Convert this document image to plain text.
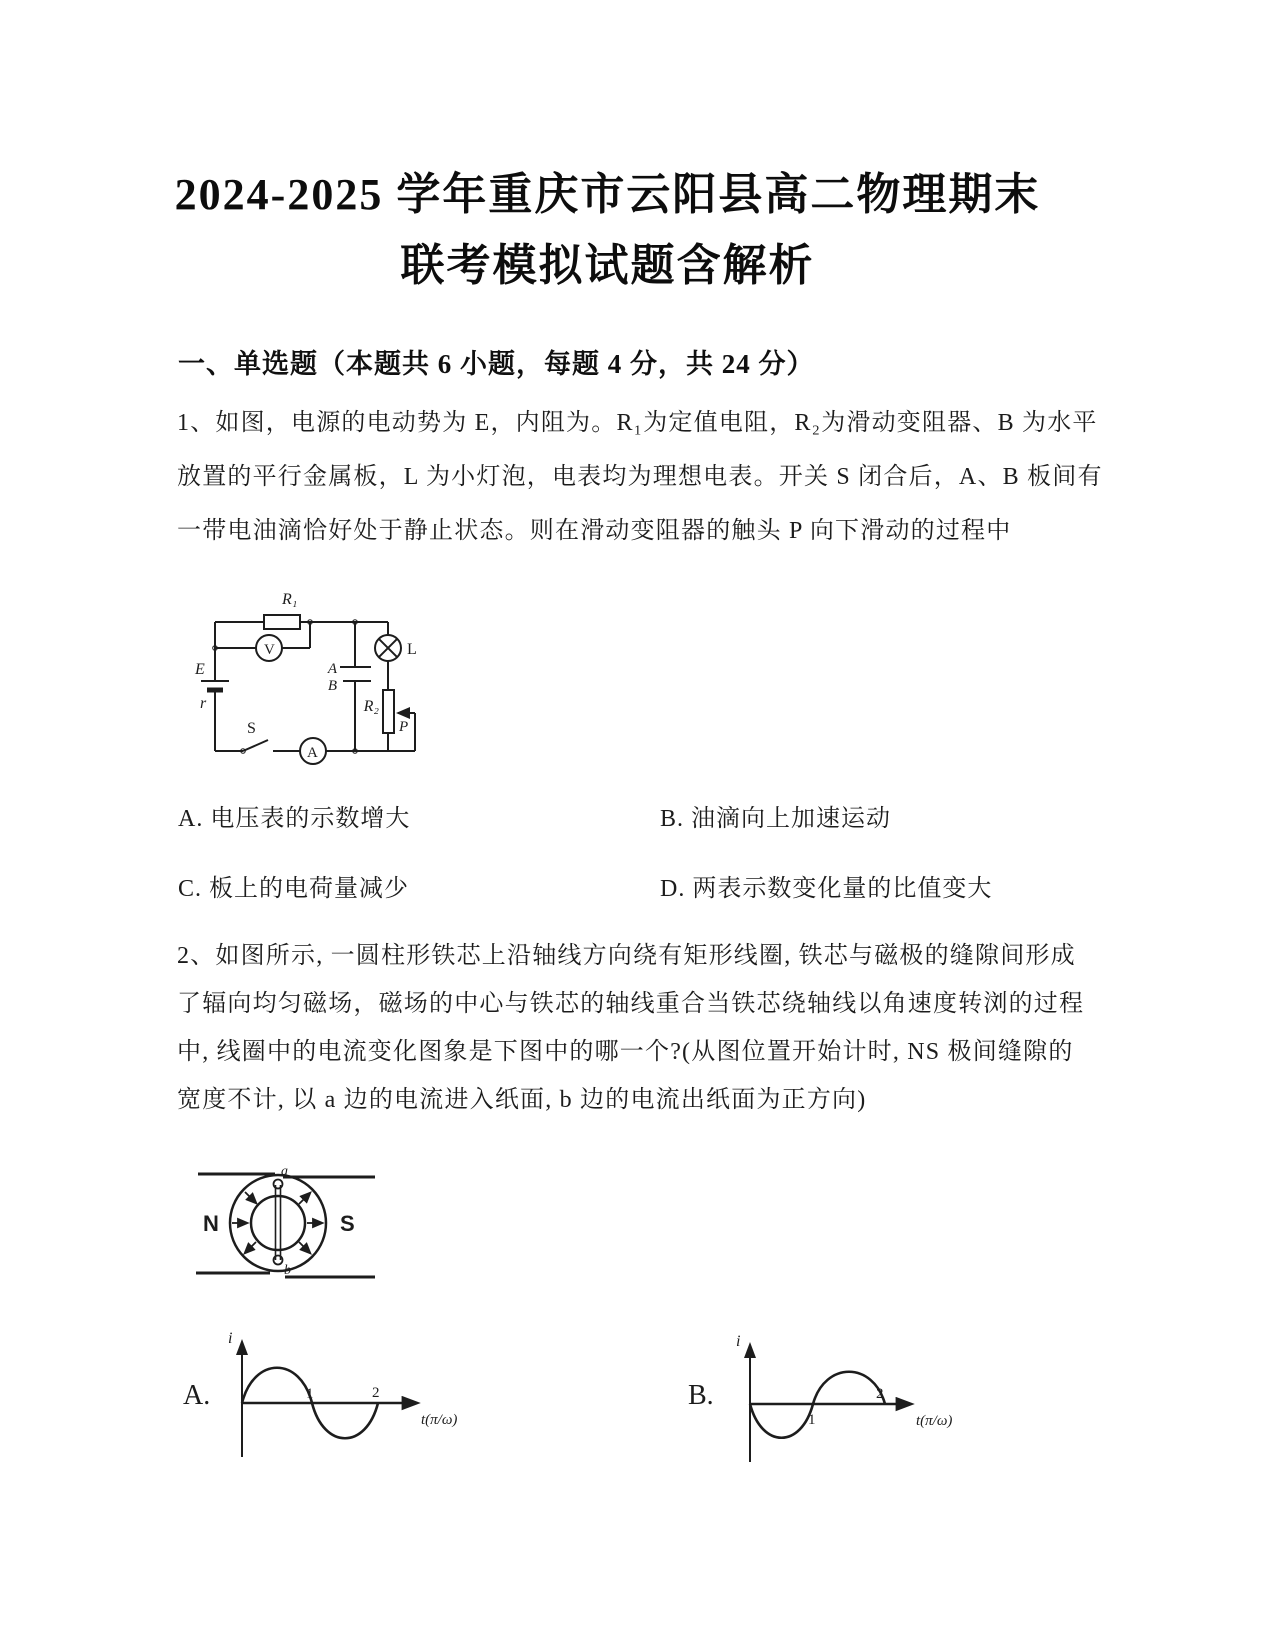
2024-2025 学年重庆市云阳县高二物理期末
联考模拟试题含解析
一、单选题（本题共 6 小题，每题 4 分，共 24 分）
1、如图，电源的电动势为 E，内阻为。R₁为定值电阻，R₂为滑动变阻器、B 为水平
放置的平行金属板，L 为小灯泡，电表均为理想电表。开关 S 闭合后，A、B 板间有
一带电油滴恰好处于静止状态。则在滑动变阻器的触头 P 向下滑动的过程中
R₁
V
E
r
A
B
L
R₂
P
S
A
A. 电压表的示数增大	B. 油滴向上加速运动
C. 板上的电荷量减少	D. 两表示数变化量的比值变大
2、如图所示, 一圆柱形铁芯上沿轴线方向绕有矩形线圈, 铁芯与磁极的缝隙间形成
了辐向均匀磁场，磁场的中心与铁芯的轴线重合当铁芯绕轴线以角速度转浏的过程
中, 线圈中的电流变化图象是下图中的哪一个?(从图位置开始计时, NS 极间缝隙的
宽度不计, 以 a 边的电流进入纸面, b 边的电流出纸面为正方向)
a
b
N	S
A.
i
1	2
t(π/ω)
B.
i
1
2
t(π/ω)
